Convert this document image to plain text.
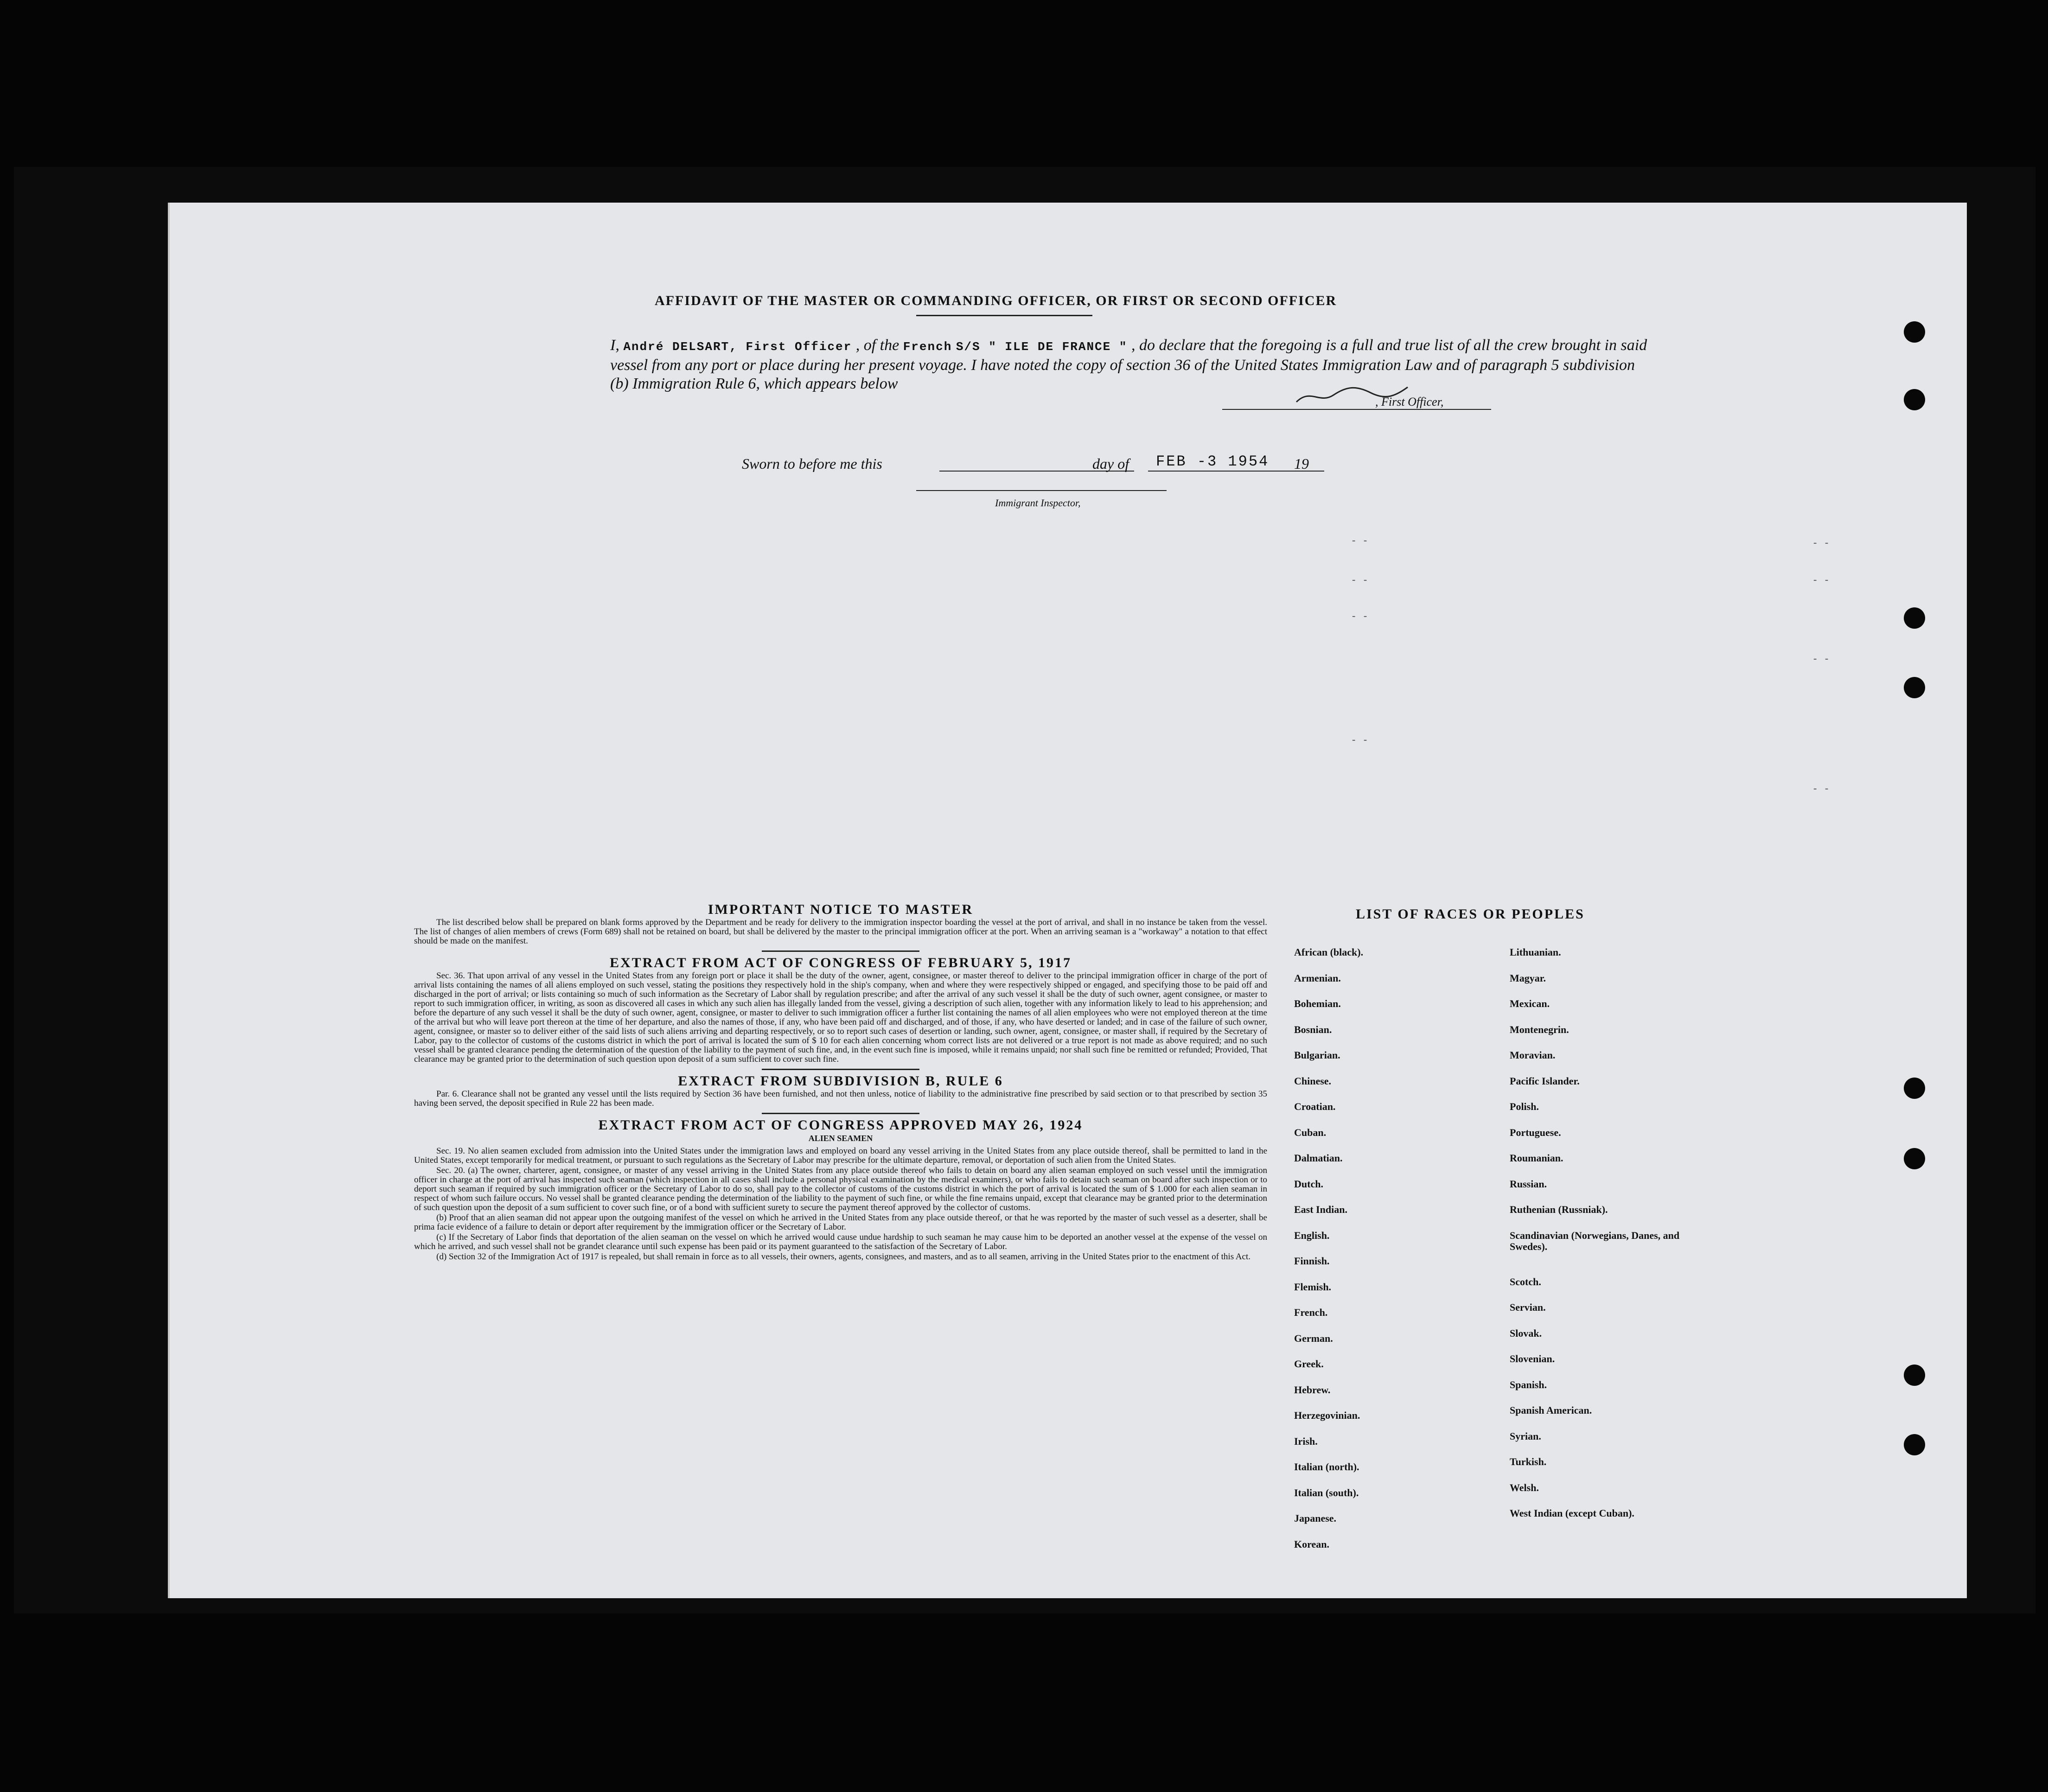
AFFIDAVIT OF THE MASTER OR COMMANDING OFFICER, OR FIRST OR SECOND OFFICER
I, André DELSART, First Officer , of the French S/S " ILE DE FRANCE " , do declare that the foregoing is a full and true list of all the crew brought in said vessel from any port or place during her present voyage. I have noted the copy of section 36 of the United States Immigration Law and of paragraph 5 subdivision (b) Immigration Rule 6, which appears below
, First Officer,
Sworn to before me this	day of FEB -3 1954 19
Immigrant Inspector,
- -
- -
- -
- -
- -
- -
- -
- -
IMPORTANT NOTICE TO MASTER

The list described below shall be prepared on blank forms approved by the Department and be ready for delivery to the immigration inspector boarding the vessel at the port of arrival, and shall in no instance be taken from the vessel. The list of changes of alien members of crews (Form 689) shall not be retained on board, but shall be delivered by the master to the principal immigration officer at the port. When an arriving seaman is a "workaway" a notation to that effect should be made on the manifest.

EXTRACT FROM ACT OF CONGRESS OF FEBRUARY 5, 1917

Sec. 36. That upon arrival of any vessel in the United States from any foreign port or place it shall be the duty of the owner, agent, consignee, or master thereof to deliver to the principal immigration officer in charge of the port of arrival lists containing the names of all aliens employed on such vessel, stating the positions they respectively hold in the ship's company, when and where they were respectively shipped or engaged, and specifying those to be paid off and discharged in the port of arrival; or lists containing so much of such information as the Secretary of Labor shall by regulation prescribe; and after the arrival of any such vessel it shall be the duty of such owner, agent consignee, or master to report to such immigration officer, in writing, as soon as discovered all cases in which any such alien has illegally landed from the vessel, giving a description of such alien, together with any information likely to lead to his apprehension; and before the departure of any such vessel it shall be the duty of such owner, agent, consignee, or master to deliver to such immigration officer a further list containing the names of all alien employees who were not employed thereon at the time of the arrival but who will leave port thereon at the time of her departure, and also the names of those, if any, who have been paid off and discharged, and of those, if any, who have deserted or landed; and in case of the failure of such owner, agent, consignee, or master so to deliver either of the said lists of such aliens arriving and departing respectively, or so to report such cases of desertion or landing, such owner, agent, consignee, or master shall, if required by the Secretary of Labor, pay to the collector of customs of the customs district in which the port of arrival is located the sum of $ 10 for each alien concerning whom correct lists are not delivered or a true report is not made as above required; and no such vessel shall be granted clearance pending the determination of the question of the liability to the payment of such fine, and, in the event such fine is imposed, while it remains unpaid; nor shall such fine be remitted or refunded; Provided, That clearance may be granted prior to the determination of such question upon deposit of a sum sufficient to cover such fine.

EXTRACT FROM SUBDIVISION B, RULE 6

Par. 6. Clearance shall not be granted any vessel until the lists required by Section 36 have been furnished, and not then unless, notice of liability to the administrative fine prescribed by said section or to that prescribed by section 35 having been served, the deposit specified in Rule 22 has been made.

EXTRACT FROM ACT OF CONGRESS APPROVED MAY 26, 1924
ALIEN SEAMEN

Sec. 19. No alien seamen excluded from admission into the United States under the immigration laws and employed on board any vessel arriving in the United States from any place outside thereof, shall be permitted to land in the United States, except temporarily for medical treatment, or pursuant to such regulations as the Secretary of Labor may prescribe for the ultimate departure, removal, or deportation of such alien from the United States.

Sec. 20. (a) The owner, charterer, agent, consignee, or master of any vessel arriving in the United States from any place outside thereof who fails to detain on board any alien seaman employed on such vessel until the immigration officer in charge at the port of arrival has inspected such seaman (which inspection in all cases shall include a personal physical examination by the medical examiners), or who fails to detain such seaman on board after such inspection or to deport such seaman if required by such immigration officer or the Secretary of Labor to do so, shall pay to the collector of customs of the customs district in which the port of arrival is located the sum of $ 1.000 for each alien seaman in respect of whom such failure occurs. No vessel shall be granted clearance pending the determination of the liability to the payment of such fine, or while the fine remains unpaid, except that clearance may be granted prior to the determination of such question upon the deposit of a sum sufficient to cover such fine, or of a bond with sufficient surety to secure the payment thereof approved by the collector of customs.

(b) Proof that an alien seaman did not appear upon the outgoing manifest of the vessel on which he arrived in the United States from any place outside thereof, or that he was reported by the master of such vessel as a deserter, shall be prima facie evidence of a failure to detain or deport after requirement by the immigration officer or the Secretary of Labor.

(c) If the Secretary of Labor finds that deportation of the alien seaman on the vessel on which he arrived would cause undue hardship to such seaman he may cause him to be deported an another vessel at the expense of the vessel on which he arrived, and such vessel shall not be grandet clearance until such expense has been paid or its payment guaranteed to the satisfaction of the Secretary of Labor.

(d) Section 32 of the Immigration Act of 1917 is repealed, but shall remain in force as to all vessels, their owners, agents, consignees, and masters, and as to all seamen, arriving in the United States prior to the enactment of this Act.

LIST OF RACES OR PEOPLES
African (black).
Armenian.
Bohemian.
Bosnian.
Bulgarian.
Chinese.
Croatian.
Cuban.
Dalmatian.
Dutch.
East Indian.
English.
Finnish.
Flemish.
French.
German.
Greek.
Hebrew.
Herzegovinian.
Irish.
Italian (north).
Italian (south).
Japanese.
Korean.
Lithuanian.
Magyar.
Mexican.
Montenegrin.
Moravian.
Pacific Islander.
Polish.
Portuguese.
Roumanian.
Russian.
Ruthenian (Russniak).
Scandinavian (Norwegians, Danes, and Swedes).
Scotch.
Servian.
Slovak.
Slovenian.
Spanish.
Spanish American.
Syrian.
Turkish.
Welsh.
West Indian (except Cuban).
